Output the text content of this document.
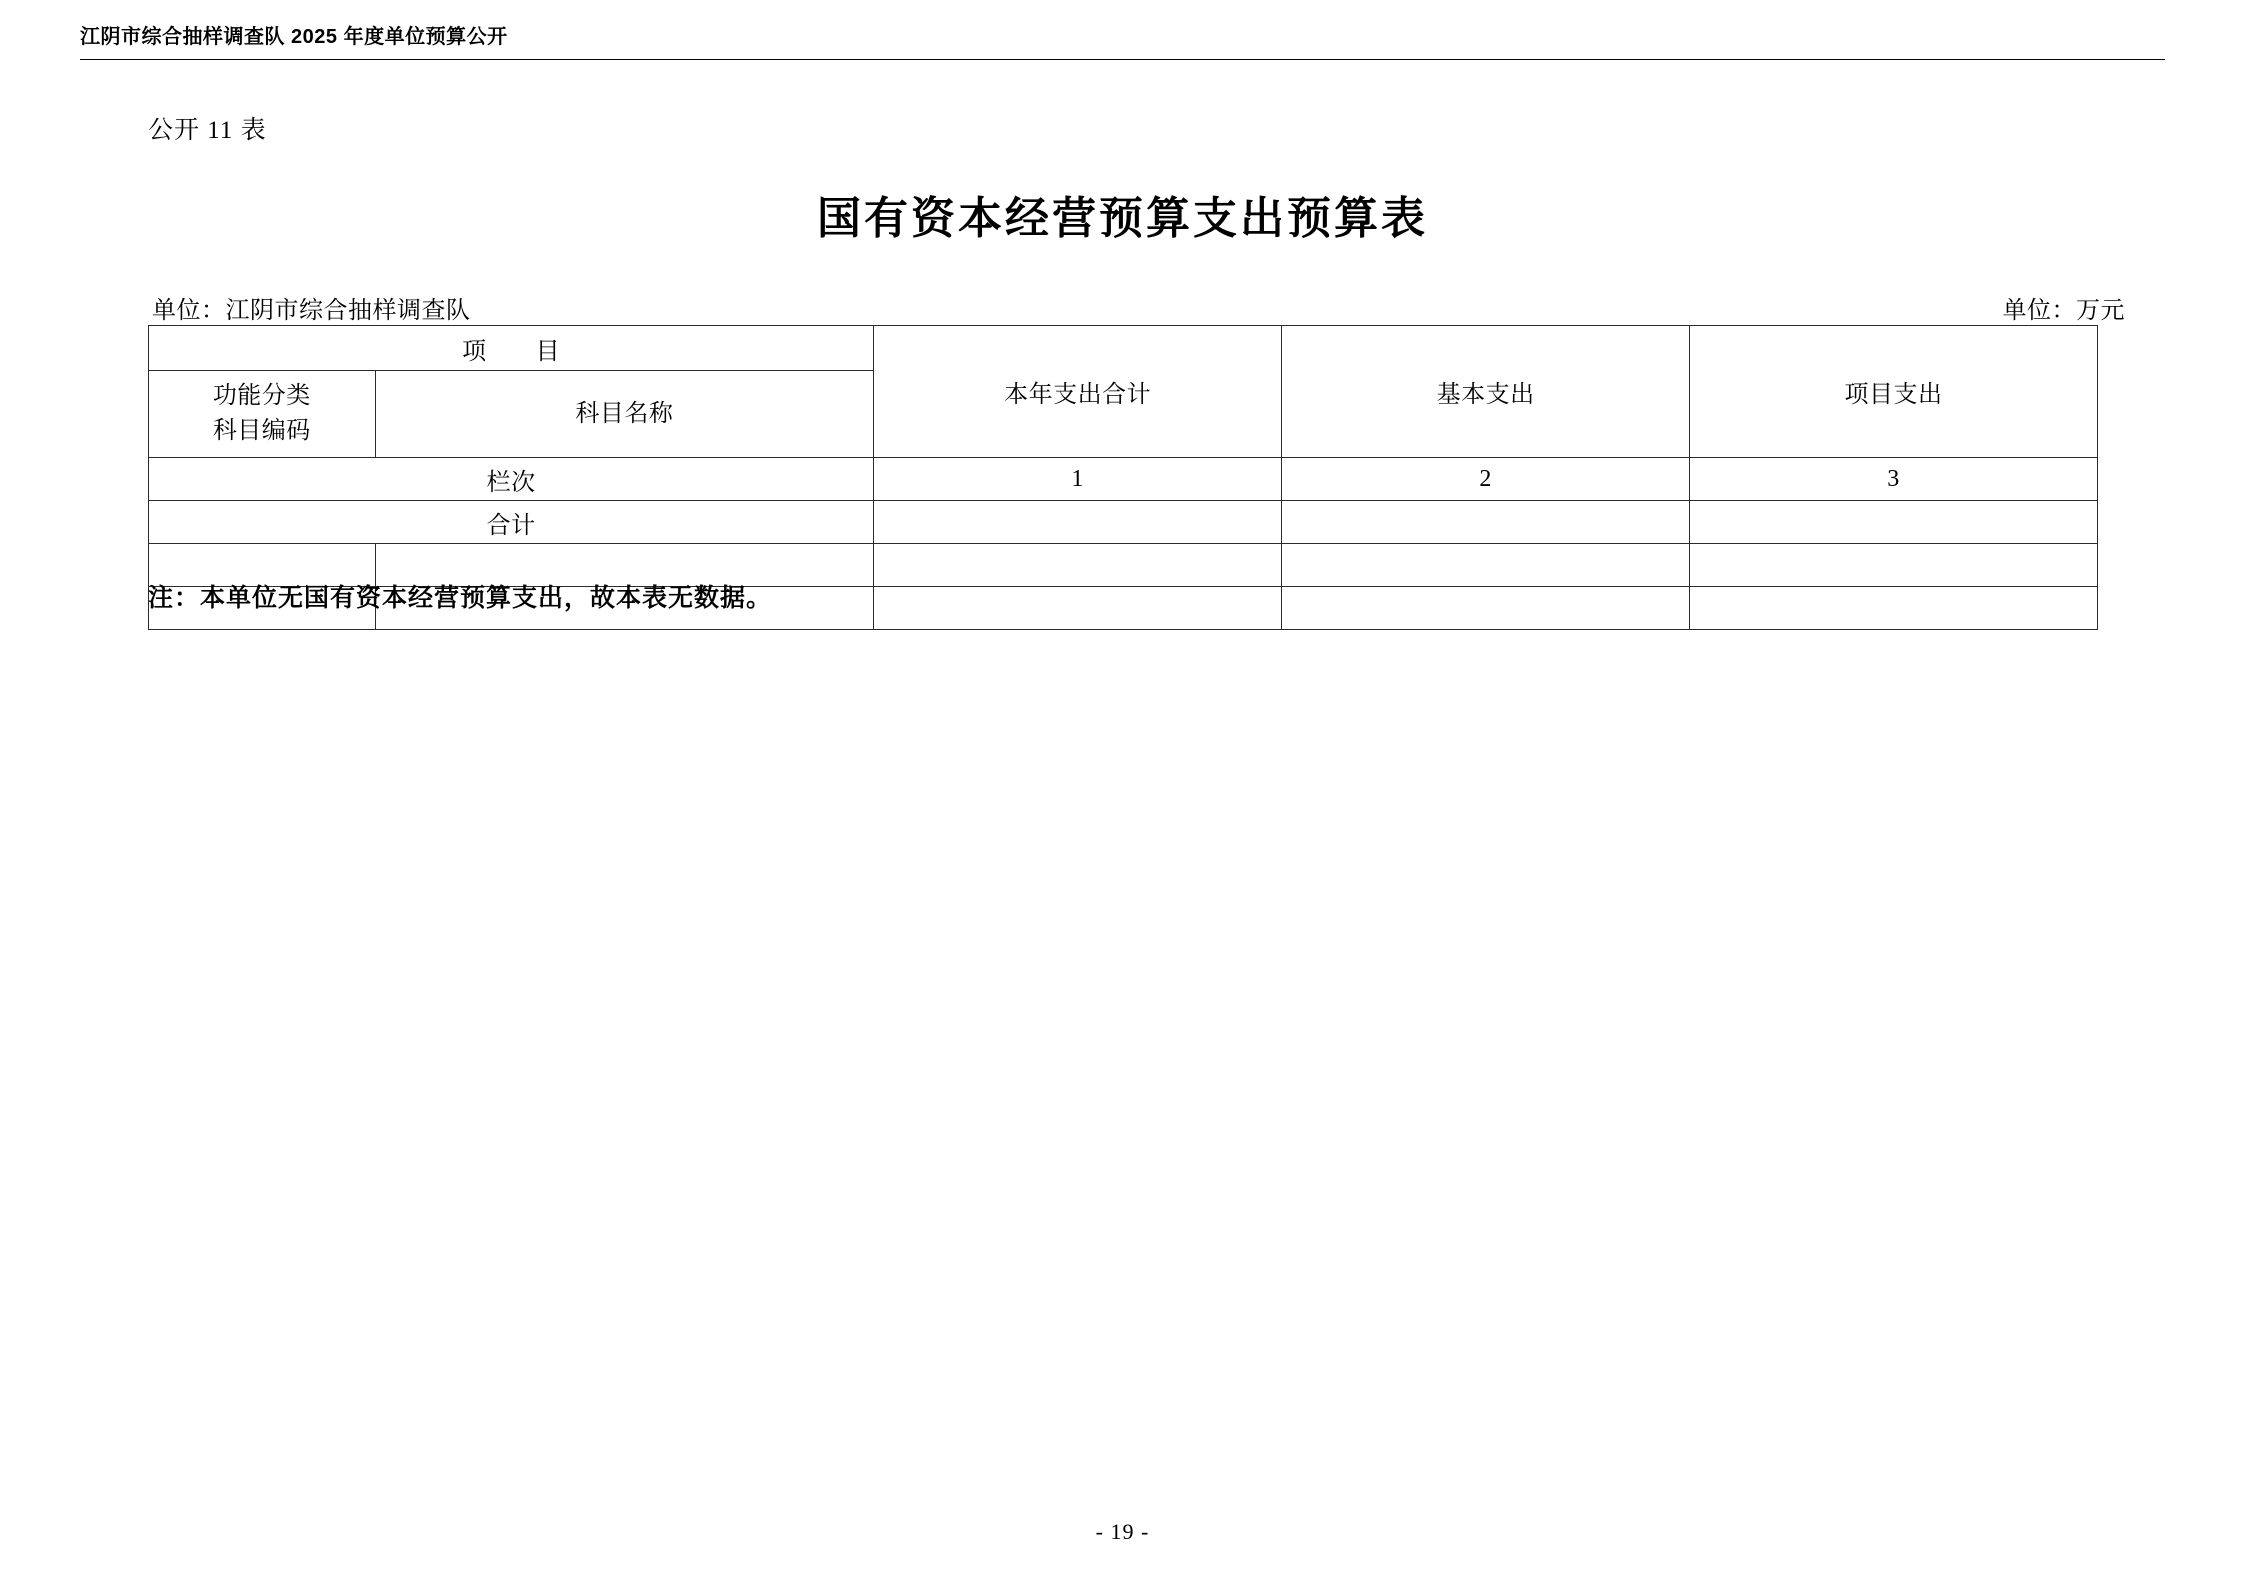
江阴市综合抽样调查队 2025 年度单位预算公开
公开 11 表
国有资本经营预算支出预算表
单位：江阴市综合抽样调查队	单位：万元
项　　目		本年支出合计	基本支出	项目支出

功能分类
科目编码	科目名称			
栏次		1	2	3
合计				

注：本单位无国有资本经营预算支出，故本表无数据。
- 19 -
